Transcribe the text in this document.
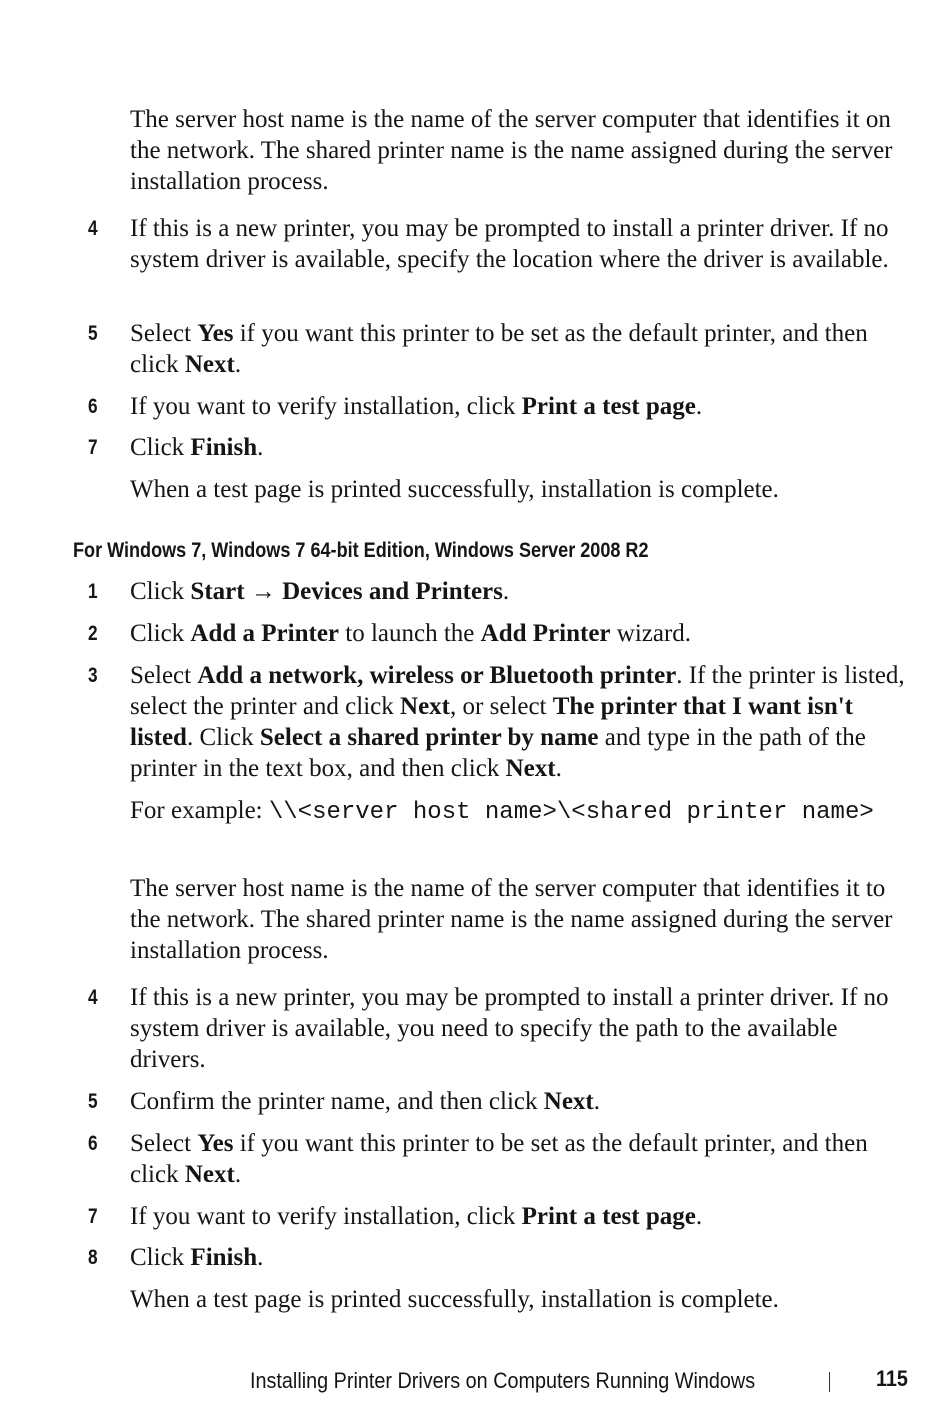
The server host name is the name of the server computer that identifies it on the network. The shared printer name is the name assigned during the server installation process.
4	If this is a new printer, you may be prompted to install a printer driver. If no system driver is available, specify the location where the driver is available.
5	Select Yes if you want this printer to be set as the default printer, and then click Next.
6	If you want to verify installation, click Print a test page.
7	Click Finish.
When a test page is printed successfully, installation is complete.
For Windows 7, Windows 7 64-bit Edition, Windows Server 2008 R2
1	Click Start → Devices and Printers.
2	Click Add a Printer to launch the Add Printer wizard.
3	Select Add a network, wireless or Bluetooth printer. If the printer is listed, select the printer and click Next, or select The printer that I want isn't listed. Click Select a shared printer by name and type in the path of the printer in the text box, and then click Next.
For example: \\<server host name>\<shared printer name>
The server host name is the name of the server computer that identifies it to the network. The shared printer name is the name assigned during the server installation process.
4	If this is a new printer, you may be prompted to install a printer driver. If no system driver is available, you need to specify the path to the available drivers.
5	Confirm the printer name, and then click Next.
6	Select Yes if you want this printer to be set as the default printer, and then click Next.
7	If you want to verify installation, click Print a test page.
8	Click Finish.
When a test page is printed successfully, installation is complete.
Installing Printer Drivers on Computers Running Windows	115
